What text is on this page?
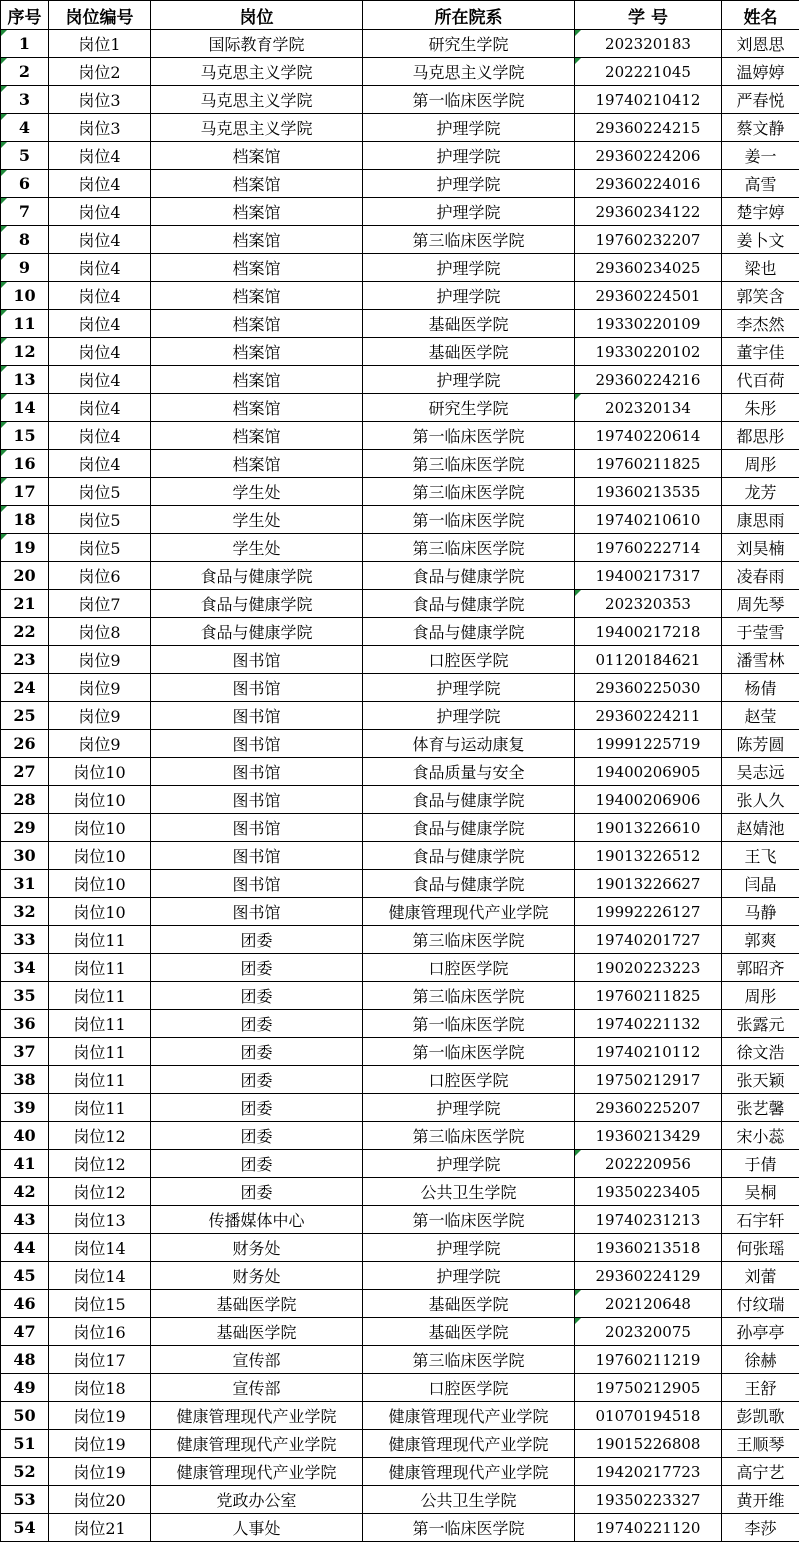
序号	岗位编号	岗位	所在院系	学 号	姓名
1	岗位1	国际教育学院	研究生学院	202320183	刘恩思
2	岗位2	马克思主义学院	马克思主义学院	202221045	温婷婷
3	岗位3	马克思主义学院	第一临床医学院	19740210412	严春悦
4	岗位3	马克思主义学院	护理学院	29360224215	蔡文静
5	岗位4	档案馆	护理学院	29360224206	姜一
6	岗位4	档案馆	护理学院	29360224016	高雪
7	岗位4	档案馆	护理学院	29360234122	楚宇婷
8	岗位4	档案馆	第三临床医学院	19760232207	姜卜文
9	岗位4	档案馆	护理学院	29360234025	梁也
10	岗位4	档案馆	护理学院	29360224501	郭笑含
11	岗位4	档案馆	基础医学院	19330220109	李杰然
12	岗位4	档案馆	基础医学院	19330220102	董宇佳
13	岗位4	档案馆	护理学院	29360224216	代百荷
14	岗位4	档案馆	研究生学院	202320134	朱彤
15	岗位4	档案馆	第一临床医学院	19740220614	都思彤
16	岗位4	档案馆	第三临床医学院	19760211825	周彤
17	岗位5	学生处	第三临床医学院	19360213535	龙芳
18	岗位5	学生处	第一临床医学院	19740210610	康思雨
19	岗位5	学生处	第三临床医学院	19760222714	刘昊楠
20	岗位6	食品与健康学院	食品与健康学院	19400217317	凌春雨
21	岗位7	食品与健康学院	食品与健康学院	202320353	周先琴
22	岗位8	食品与健康学院	食品与健康学院	19400217218	于莹雪
23	岗位9	图书馆	口腔医学院	01120184621	潘雪林
24	岗位9	图书馆	护理学院	29360225030	杨倩
25	岗位9	图书馆	护理学院	29360224211	赵莹
26	岗位9	图书馆	体育与运动康复	19991225719	陈芳圆
27	岗位10	图书馆	食品质量与安全	19400206905	吴志远
28	岗位10	图书馆	食品与健康学院	19400206906	张人久
29	岗位10	图书馆	食品与健康学院	19013226610	赵婧池
30	岗位10	图书馆	食品与健康学院	19013226512	王飞
31	岗位10	图书馆	食品与健康学院	19013226627	闫晶
32	岗位10	图书馆	健康管理现代产业学院	19992226127	马静
33	岗位11	团委	第三临床医学院	19740201727	郭爽
34	岗位11	团委	口腔医学院	19020223223	郭昭齐
35	岗位11	团委	第三临床医学院	19760211825	周彤
36	岗位11	团委	第一临床医学院	19740221132	张露元
37	岗位11	团委	第一临床医学院	19740210112	徐文浩
38	岗位11	团委	口腔医学院	19750212917	张天颖
39	岗位11	团委	护理学院	29360225207	张艺馨
40	岗位12	团委	第三临床医学院	19360213429	宋小蕊
41	岗位12	团委	护理学院	202220956	于倩
42	岗位12	团委	公共卫生学院	19350223405	吴桐
43	岗位13	传播媒体中心	第一临床医学院	19740231213	石宇轩
44	岗位14	财务处	护理学院	19360213518	何张瑶
45	岗位14	财务处	护理学院	29360224129	刘蕾
46	岗位15	基础医学院	基础医学院	202120648	付纹瑞
47	岗位16	基础医学院	基础医学院	202320075	孙亭亭
48	岗位17	宣传部	第三临床医学院	19760211219	徐赫
49	岗位18	宣传部	口腔医学院	19750212905	王舒
50	岗位19	健康管理现代产业学院	健康管理现代产业学院	01070194518	彭凯歌
51	岗位19	健康管理现代产业学院	健康管理现代产业学院	19015226808	王顺琴
52	岗位19	健康管理现代产业学院	健康管理现代产业学院	19420217723	高宁艺
53	岗位20	党政办公室	公共卫生学院	19350223327	黄开维
54	岗位21	人事处	第一临床医学院	19740221120	李莎
